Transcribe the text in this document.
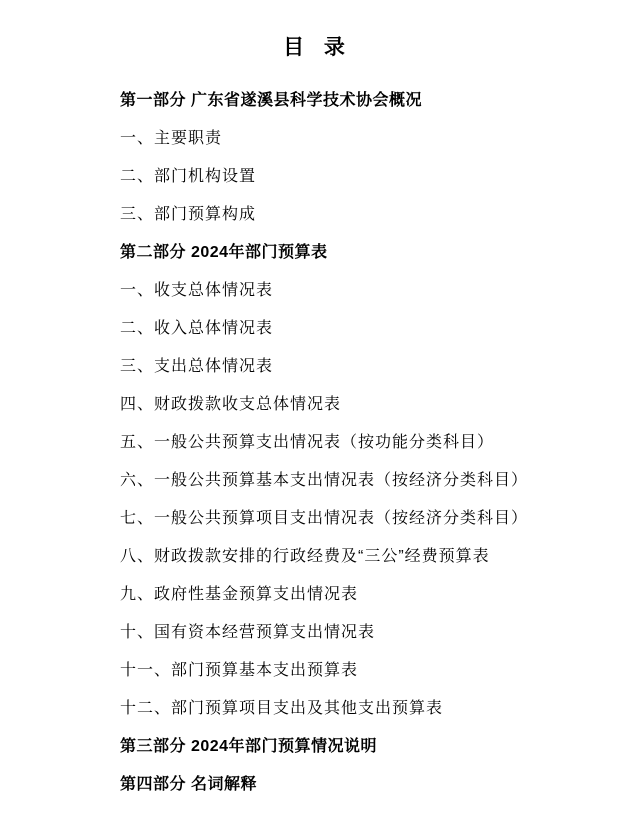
目 录
第一部分 广东省遂溪县科学技术协会概况
一、主要职责
二、部门机构设置
三、部门预算构成
第二部分 2024年部门预算表
一、收支总体情况表
二、收入总体情况表
三、支出总体情况表
四、财政拨款收支总体情况表
五、一般公共预算支出情况表（按功能分类科目）
六、一般公共预算基本支出情况表（按经济分类科目）
七、一般公共预算项目支出情况表（按经济分类科目）
八、财政拨款安排的行政经费及“三公”经费预算表
九、政府性基金预算支出情况表
十、国有资本经营预算支出情况表
十一、部门预算基本支出预算表
十二、部门预算项目支出及其他支出预算表
第三部分 2024年部门预算情况说明
第四部分 名词解释
